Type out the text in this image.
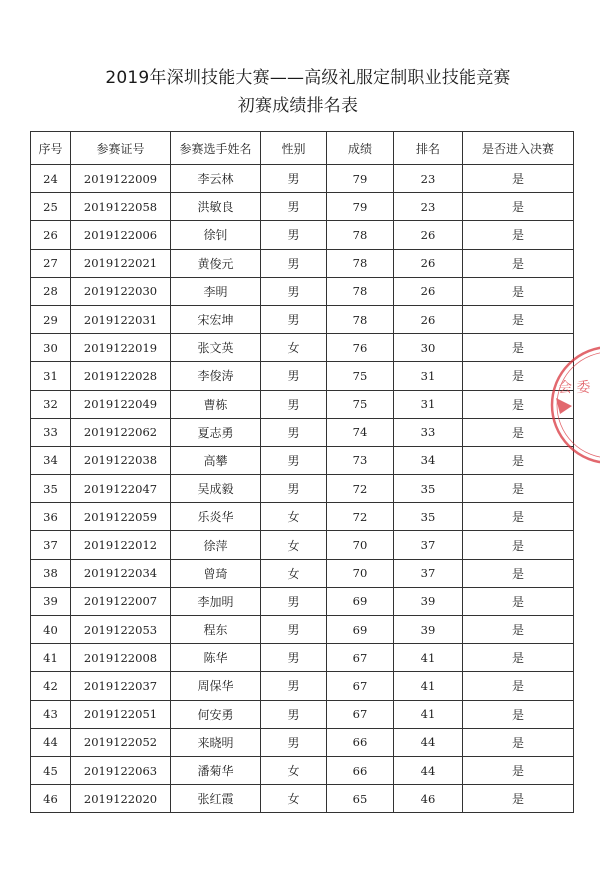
2019年深圳技能大赛——高级礼服定制职业技能竞赛
初赛成绩排名表
序号	参赛证号	参赛选手姓名	性别	成绩	排名	是否进入决赛
24	2019122009	李云林	男	79	23	是
25	2019122058	洪敏良	男	79	23	是
26	2019122006	徐钊	男	78	26	是
27	2019122021	黄俊元	男	78	26	是
28	2019122030	李明	男	78	26	是
29	2019122031	宋宏坤	男	78	26	是
30	2019122019	张文英	女	76	30	是
31	2019122028	李俊涛	男	75	31	是
32	2019122049	曹栋	男	75	31	是
33	2019122062	夏志勇	男	74	33	是
34	2019122038	高攀	男	73	34	是
35	2019122047	吴成毅	男	72	35	是
36	2019122059	乐炎华	女	72	35	是
37	2019122012	徐萍	女	70	37	是
38	2019122034	曾琦	女	70	37	是
39	2019122007	李加明	男	69	39	是
40	2019122053	程东	男	69	39	是
41	2019122008	陈华	男	67	41	是
42	2019122037	周保华	男	67	41	是
43	2019122051	何安勇	男	67	41	是
44	2019122052	来晓明	男	66	44	是
45	2019122063	潘菊华	女	66	44	是
46	2019122020	张红霞	女	65	46	是
会 委
